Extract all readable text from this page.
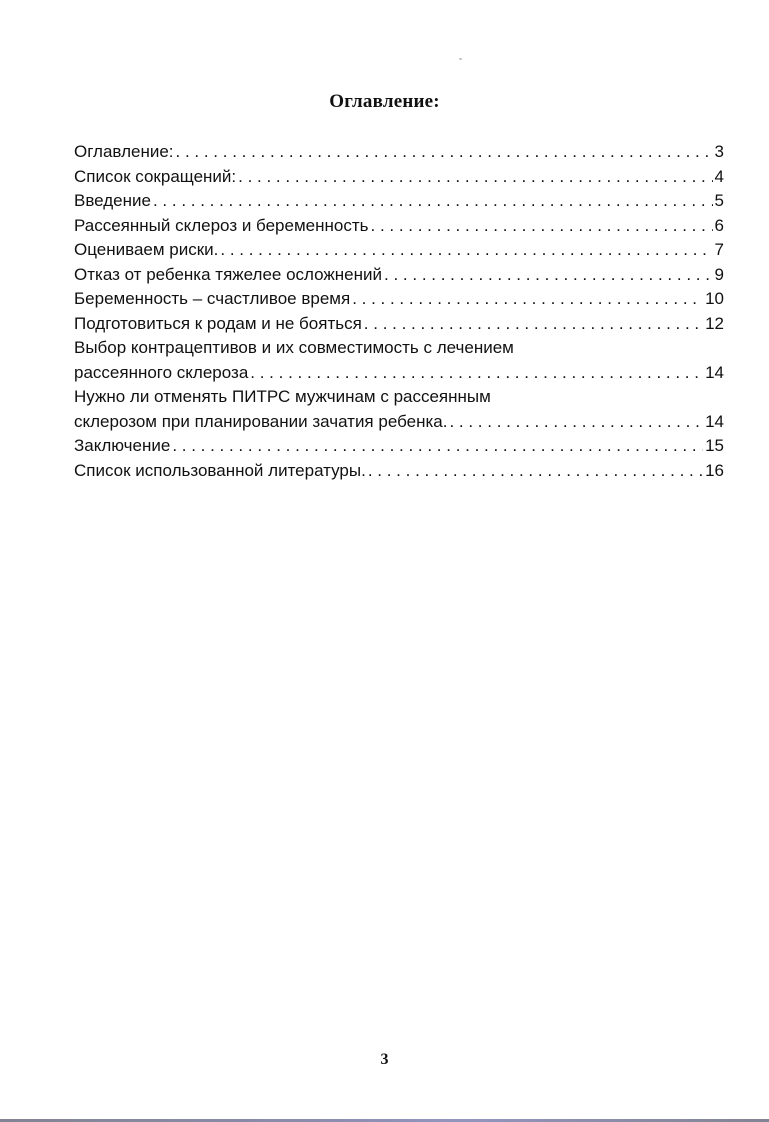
Оглавление:
Оглавление: . . .	3
Список сокращений: . . .	4
Введение . . .	5
Рассеянный склероз и беременность . . .	6
Оцениваем риски. . . .	7
Отказ от ребенка тяжелее осложнений . . .	9
Беременность – счастливое время . . .	10
Подготовиться к родам и не бояться . . .	12
Выбор контрацептивов и их совместимость с лечением
рассеянного склероза . . .	14
Нужно ли отменять ПИТРС мужчинам с рассеянным
склерозом при планировании зачатия ребенка. . . .	14
Заключение . . .	15
Список использованной литературы. . . .	16
3
